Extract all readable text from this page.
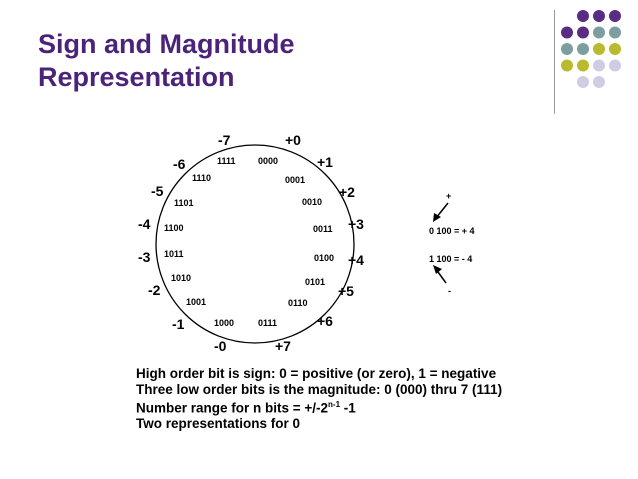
Sign and Magnitude
Representation
+0
+1
+2
+3
+4
+5
+6
+7
-0
-1
-2
-3
-4
-5
-6
-7
0000
0001
0010
0011
0100
0101
0110
0111
1000
1001
1010
1011
1100
1101
1110
1111
+
0 100 = + 4
1 100 = - 4
-
High order bit is sign: 0 = positive (or zero), 1 = negative
Three low order bits is the magnitude: 0 (000) thru 7 (111)
Number range for n bits = $+/-2^{n-1}$ -1
Two representations for 0
